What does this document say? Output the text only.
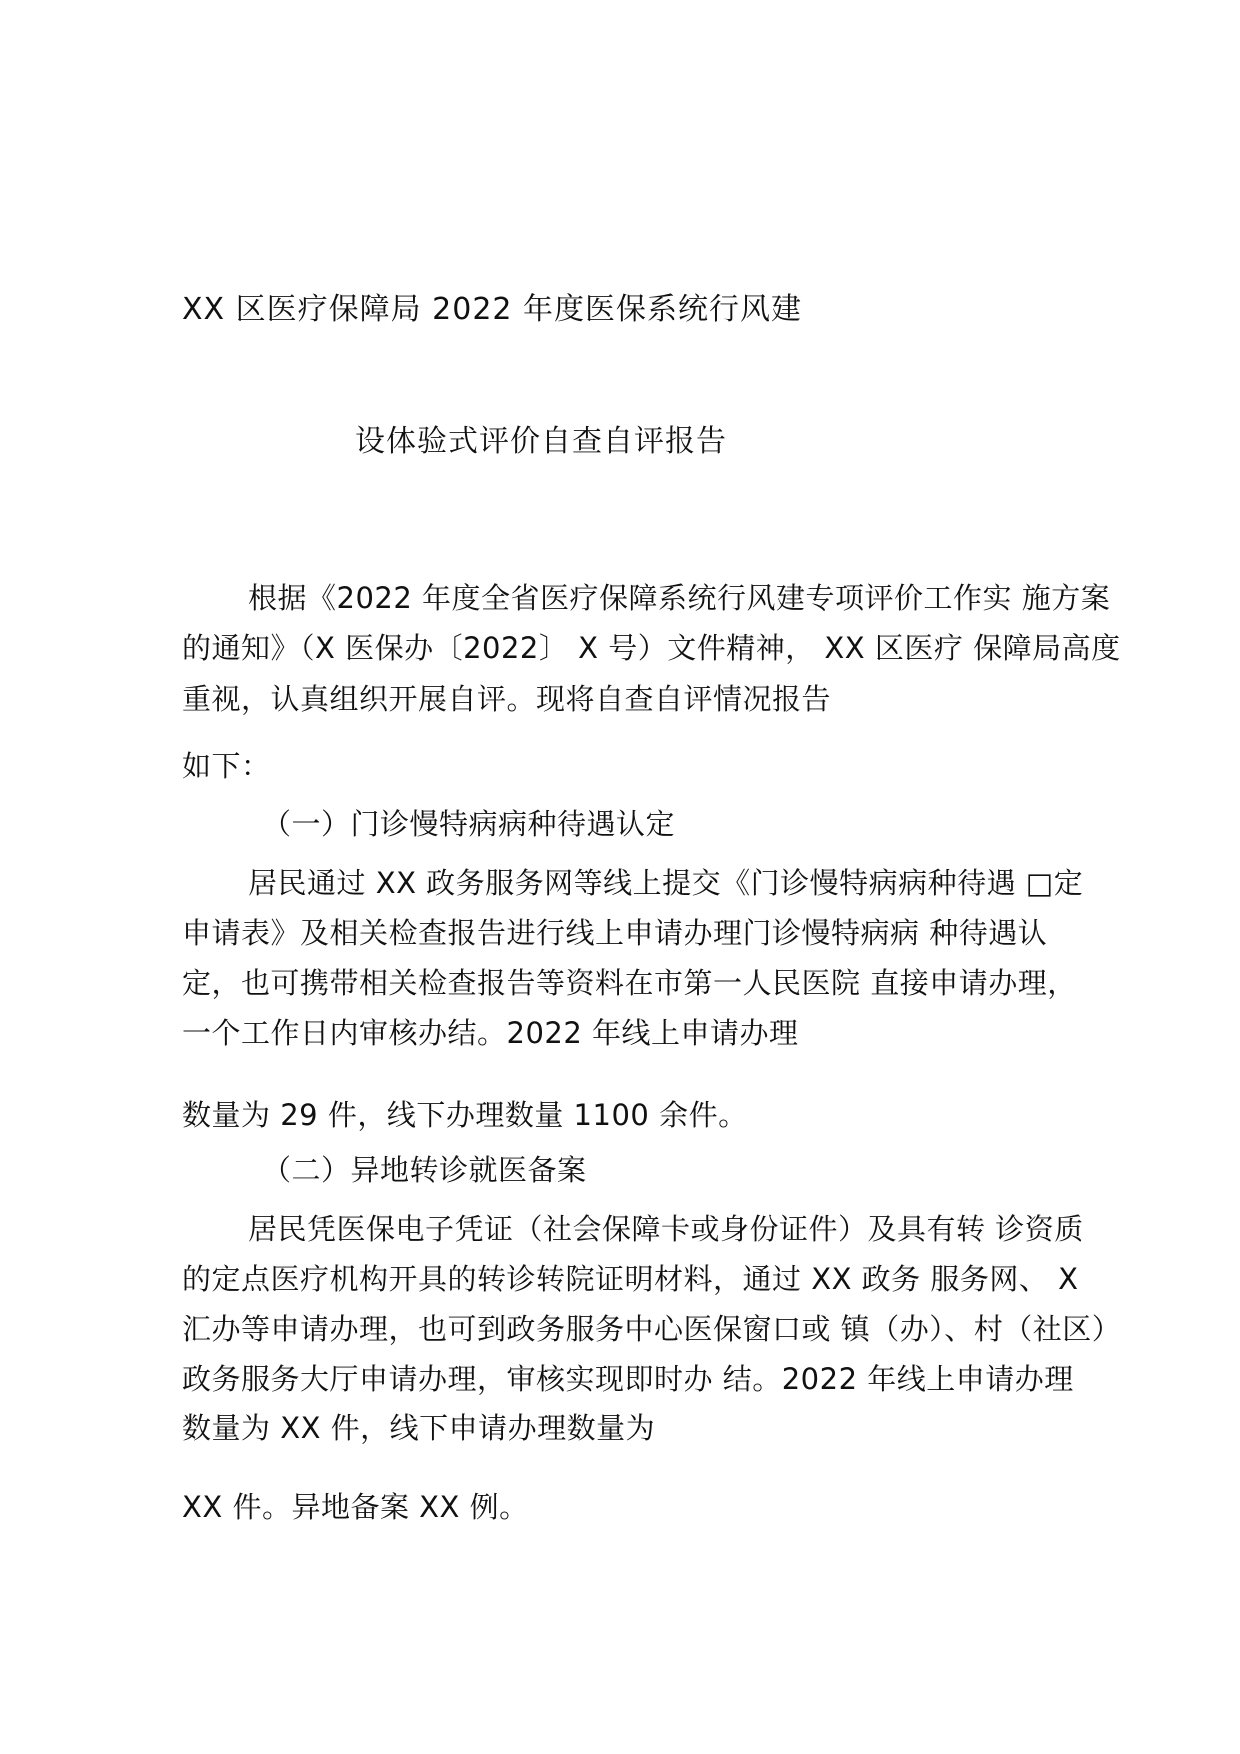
XX 区医疗保障局 2022 年度医保系统行风建
设体验式评价自查自评报告
根据《2022 年度全省医疗保障系统行风建专项评价工作实 施方案
的通知》（X 医保办〔2022〕 X 号）文件精神， XX 区医疗 保障局高度
重视，认真组织开展自评。现将自查自评情况报告
如下：
（一）门诊慢特病病种待遇认定
居民通过 XX 政务服务网等线上提交《门诊慢特病病种待遇 □定
申请表》及相关检查报告进行线上申请办理门诊慢特病病 种待遇认
定，也可携带相关检查报告等资料在市第一人民医院 直接申请办理，
一个工作日内审核办结。2022 年线上申请办理
数量为 29 件，线下办理数量 1100 余件。
（二）异地转诊就医备案
居民凭医保电子凭证（社会保障卡或身份证件）及具有转 诊资质
的定点医疗机构开具的转诊转院证明材料，通过 XX 政务 服务网、 X
汇办等申请办理，也可到政务服务中心医保窗口或 镇（办）、村（社区）
政务服务大厅申请办理，审核实现即时办 结。2022 年线上申请办理
数量为 XX 件，线下申请办理数量为
XX 件。异地备案 XX 例。
